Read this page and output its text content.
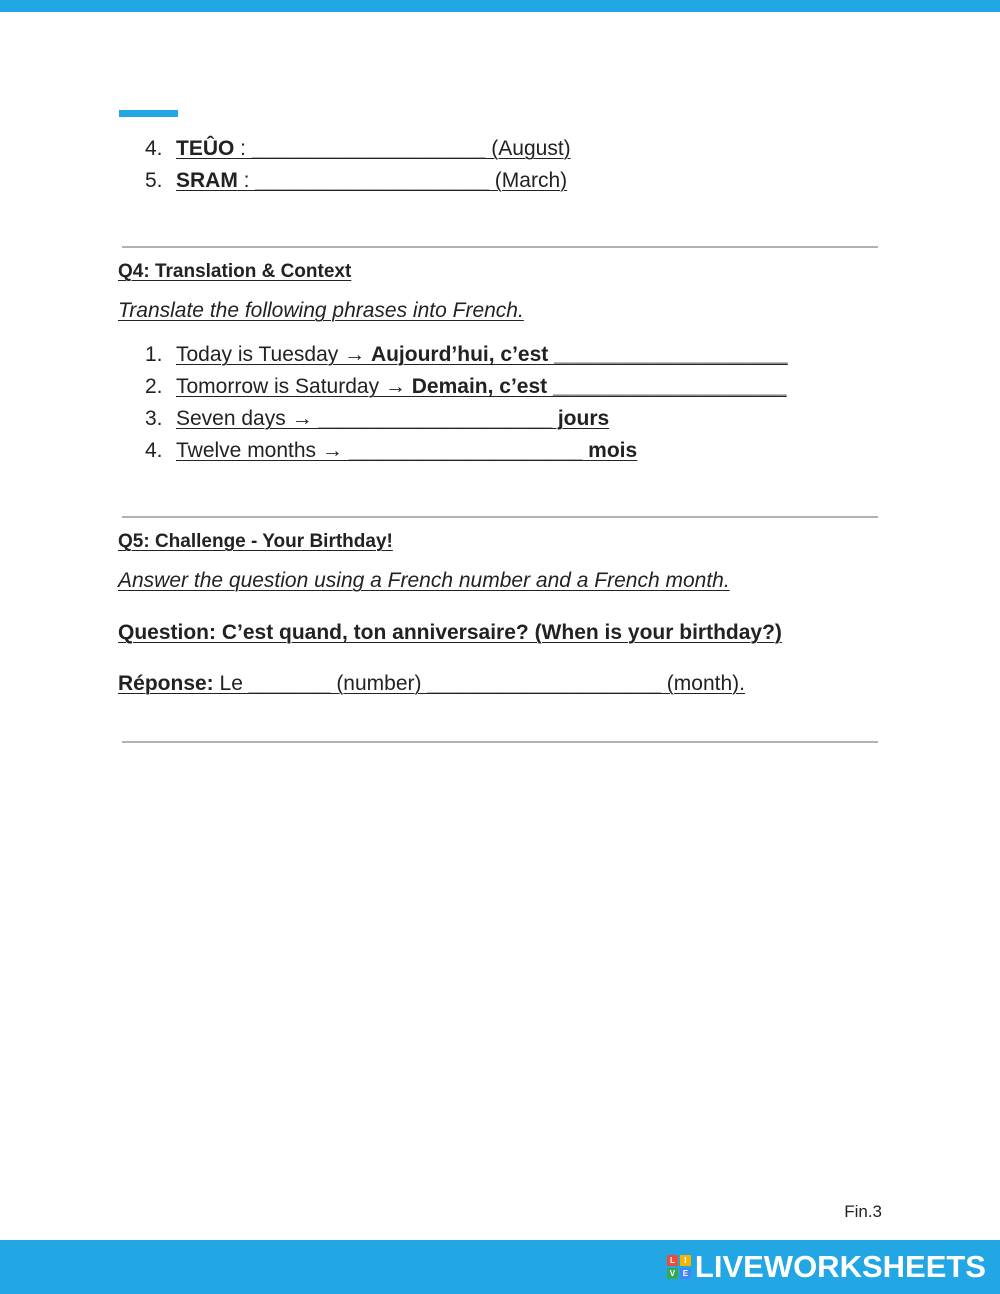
4. TEÛO : ____________________ (August)
5. SRAM : ____________________ (March)
Q4: Translation & Context
Translate the following phrases into French.
1. Today is Tuesday → Aujourd’hui, c’est ____________________
2. Tomorrow is Saturday → Demain, c’est ____________________
3. Seven days → ____________________ jours
4. Twelve months → ____________________ mois
Q5: Challenge - Your Birthday!
Answer the question using a French number and a French month.
Question: C’est quand, ton anniversaire? (When is your birthday?)
Réponse: Le _______ (number) ____________________ (month).
Fin.3
L	I
V E LIVEWORKSHEETS
